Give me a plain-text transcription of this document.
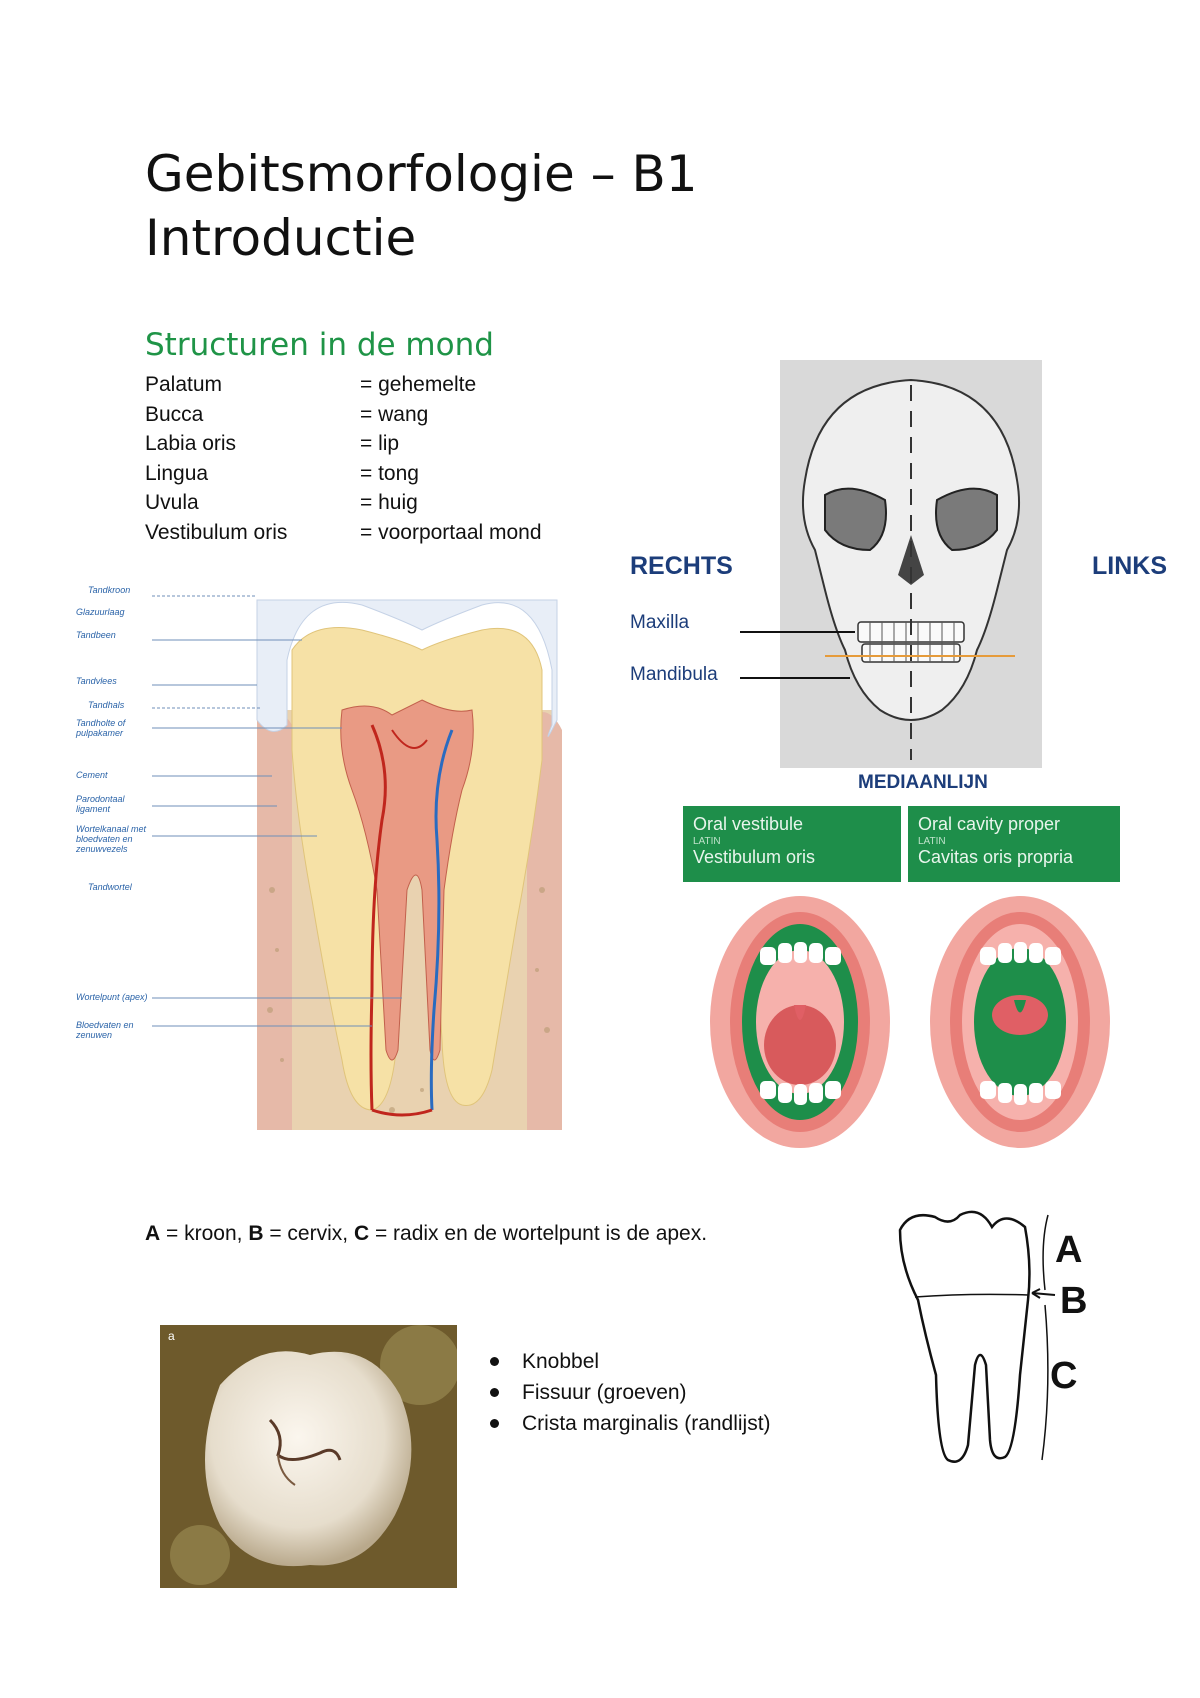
Gebitsmorfologie – B1
Introductie
Structuren in de mond
Palatum	= gehemelte
Bucca	= wang
Labia oris	= lip
Lingua	= tong
Uvula	= huig
Vestibulum oris	= voorportaal mond
Tandkroon
Glazuurlaag
Tandbeen
Tandvlees
Tandhals
Tandholte of pulpakamer
Cement
Parodontaal ligament
Wortelkanaal met bloedvaten en zenuwvezels
Tandwortel
Wortelpunt (apex)
Bloedvaten en zenuwen
RECHTS	LINKS
Maxilla
Mandibula
MEDIAANLIJN
Oral vestibule
LATIN
Vestibulum oris
Oral cavity proper
LATIN
Cavitas oris propria
A = kroon, B = cervix, C = radix en de wortelpunt is de apex.	A
B
C
a
Knobbel
Fissuur (groeven)
Crista marginalis (randlijst)
